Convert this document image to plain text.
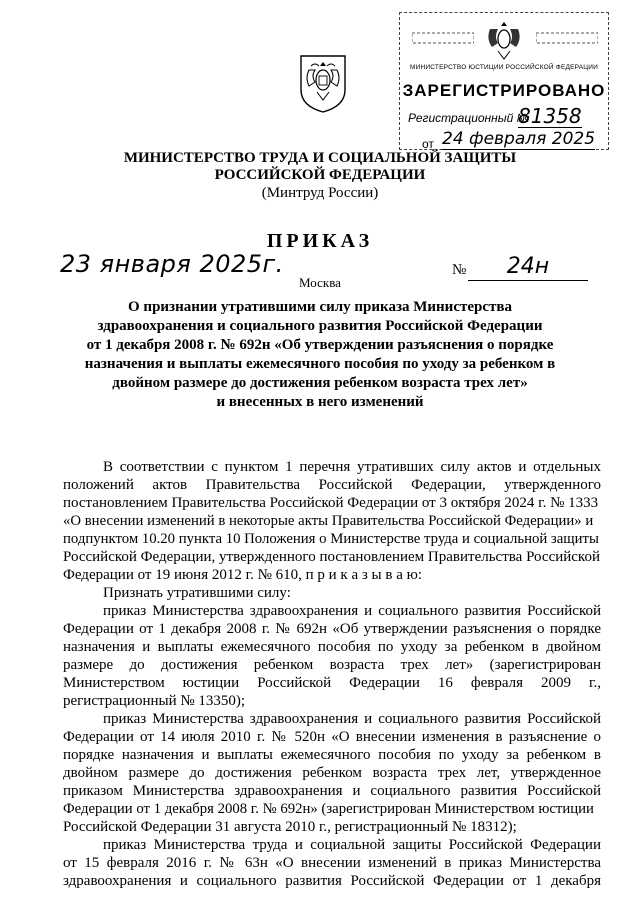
МИНИСТЕРСТВО ЮСТИЦИИ РОССИЙСКОЙ ФЕДЕРАЦИИ
ЗАРЕГИСТРИРОВАНО
Регистрационный №
81358
от 24 февраля 2025
МИНИСТЕРСТВО ТРУДА И СОЦИАЛЬНОЙ ЗАЩИТЫ
РОССИЙСКОЙ ФЕДЕРАЦИИ
(Минтруд России)
ПРИКАЗ
23 января 2025г.
Москва
№	24н
О признании утратившими силу приказа Министерства
здравоохранения и социального развития Российской Федерации
от 1 декабря 2008 г. № 692н «Об утверждении разъяснения о порядке
назначения и выплаты ежемесячного пособия по уходу за ребенком в
двойном размере до достижения ребенком возраста трех лет»
и внесенных в него изменений
В соответствии с пунктом 1 перечня утративших силу актов и отдельных
положений актов Правительства Российской Федерации, утвержденного
постановлением Правительства Российской Федерации от 3 октября 2024 г. № 1333
«О внесении изменений в некоторые акты Правительства Российской Федерации» и
подпунктом 10.20 пункта 10 Положения о Министерстве труда и социальной защиты
Российской Федерации, утвержденного постановлением Правительства Российской
Федерации от 19 июня 2012 г. № 610, п р и к а з ы в а ю:
Признать утратившими силу:
приказ Министерства здравоохранения и социального развития Российской
Федерации от 1 декабря 2008 г. № 692н «Об утверждении разъяснения о порядке
назначения и выплаты ежемесячного пособия по уходу за ребенком в двойном
размере до достижения ребенком возраста трех лет» (зарегистрирован
Министерством юстиции Российской Федерации 16 февраля 2009 г.,
регистрационный № 13350);
приказ Министерства здравоохранения и социального развития Российской
Федерации от 14 июля 2010 г. № 520н «О внесении изменения в разъяснение о
порядке назначения и выплаты ежемесячного пособия по уходу за ребенком в
двойном размере до достижения ребенком возраста трех лет, утвержденное
приказом Министерства здравоохранения и социального развития Российской
Федерации от 1 декабря 2008 г. № 692н» (зарегистрирован Министерством юстиции
Российской Федерации 31 августа 2010 г., регистрационный № 18312);
приказ Министерства труда и социальной защиты Российской Федерации
от 15 февраля 2016 г. № 63н «О внесении изменений в приказ Министерства
здравоохранения и социального развития Российской Федерации от 1 декабря
